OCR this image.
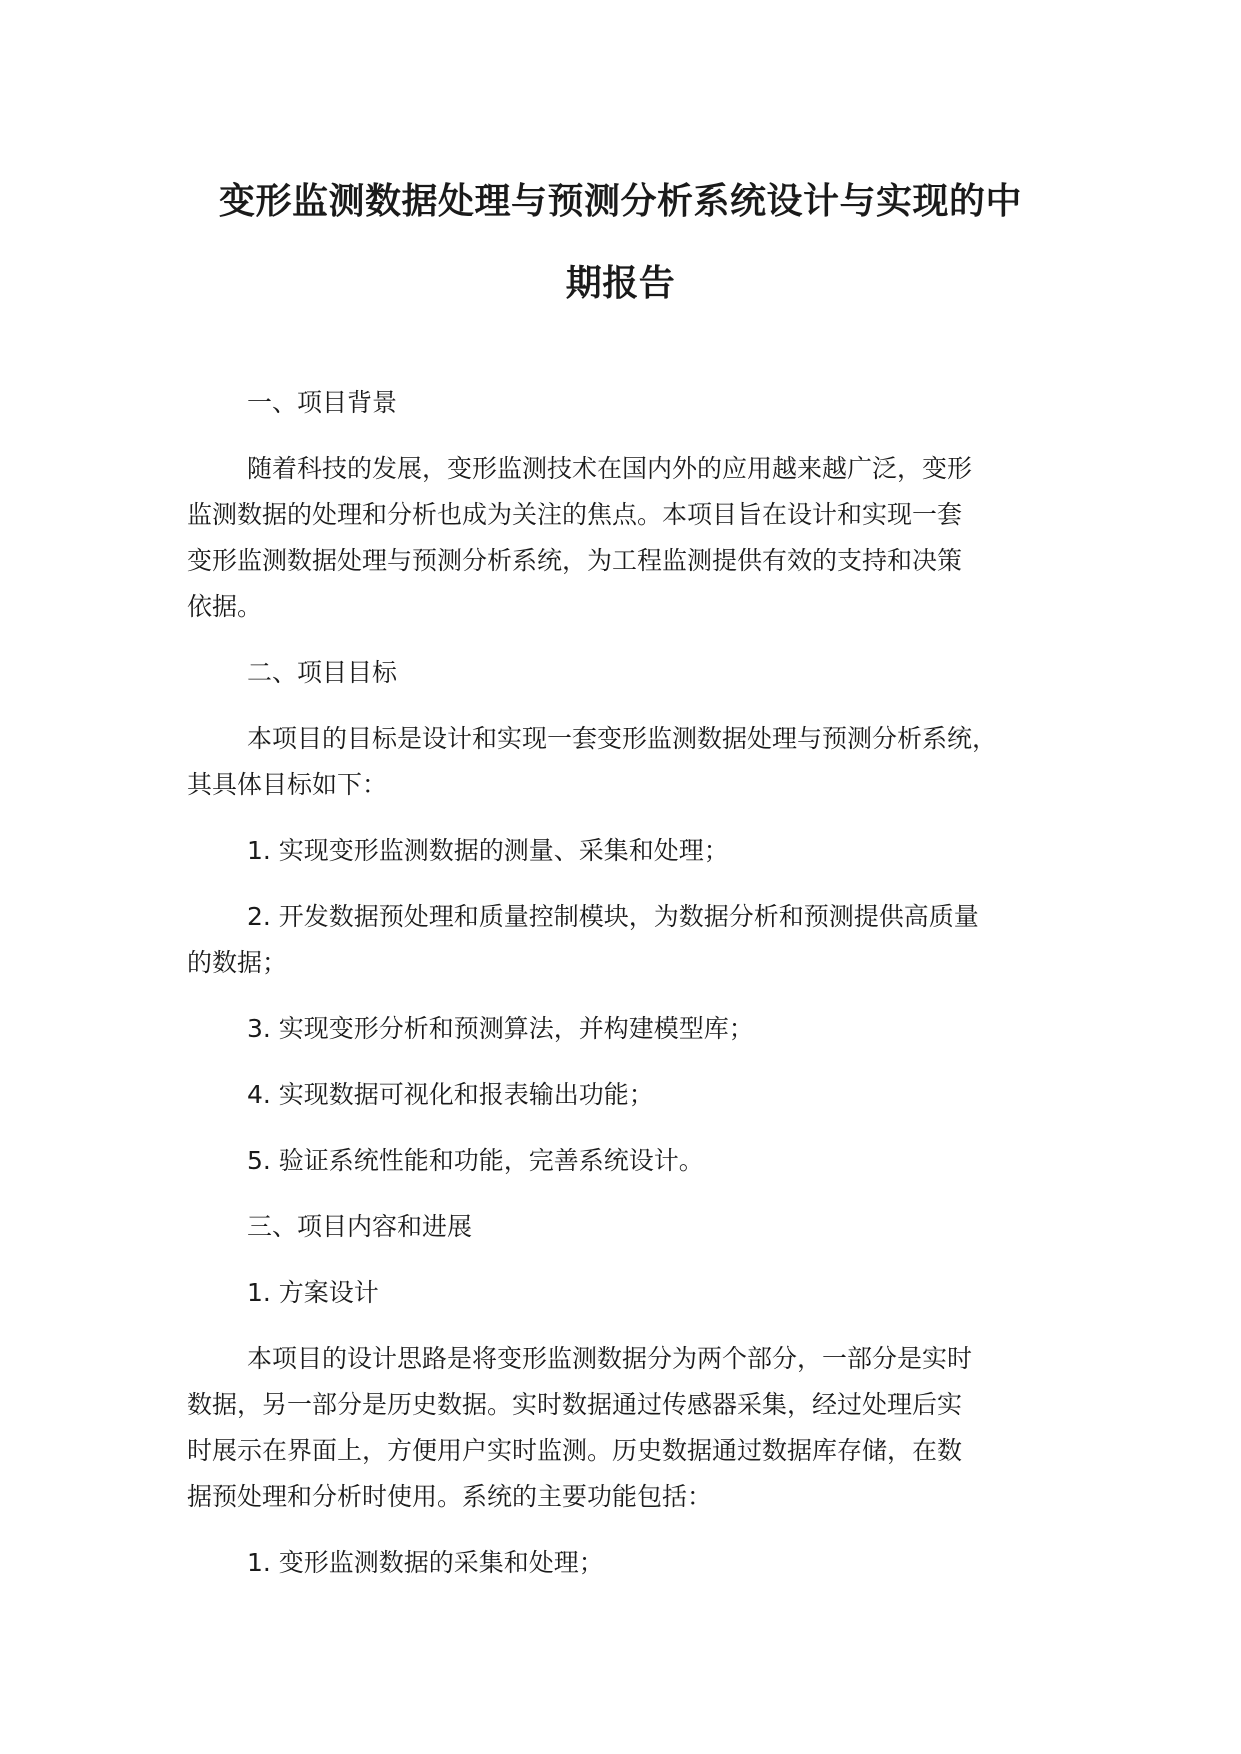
变形监测数据处理与预测分析系统设计与实现的中
期报告

一、项目背景

随着科技的发展，变形监测技术在国内外的应用越来越广泛，变形

监测数据的处理和分析也成为关注的焦点。本项目旨在设计和实现一套

变形监测数据处理与预测分析系统，为工程监测提供有效的支持和决策

依据。

二、项目目标

本项目的目标是设计和实现一套变形监测数据处理与预测分析系统，

其具体目标如下：

1. 实现变形监测数据的测量、采集和处理；

2. 开发数据预处理和质量控制模块，为数据分析和预测提供高质量

的数据；

3. 实现变形分析和预测算法，并构建模型库；

4. 实现数据可视化和报表输出功能；

5. 验证系统性能和功能，完善系统设计。

三、项目内容和进展

1. 方案设计

本项目的设计思路是将变形监测数据分为两个部分，一部分是实时

数据，另一部分是历史数据。实时数据通过传感器采集，经过处理后实

时展示在界面上，方便用户实时监测。历史数据通过数据库存储，在数

据预处理和分析时使用。系统的主要功能包括：

1. 变形监测数据的采集和处理；
